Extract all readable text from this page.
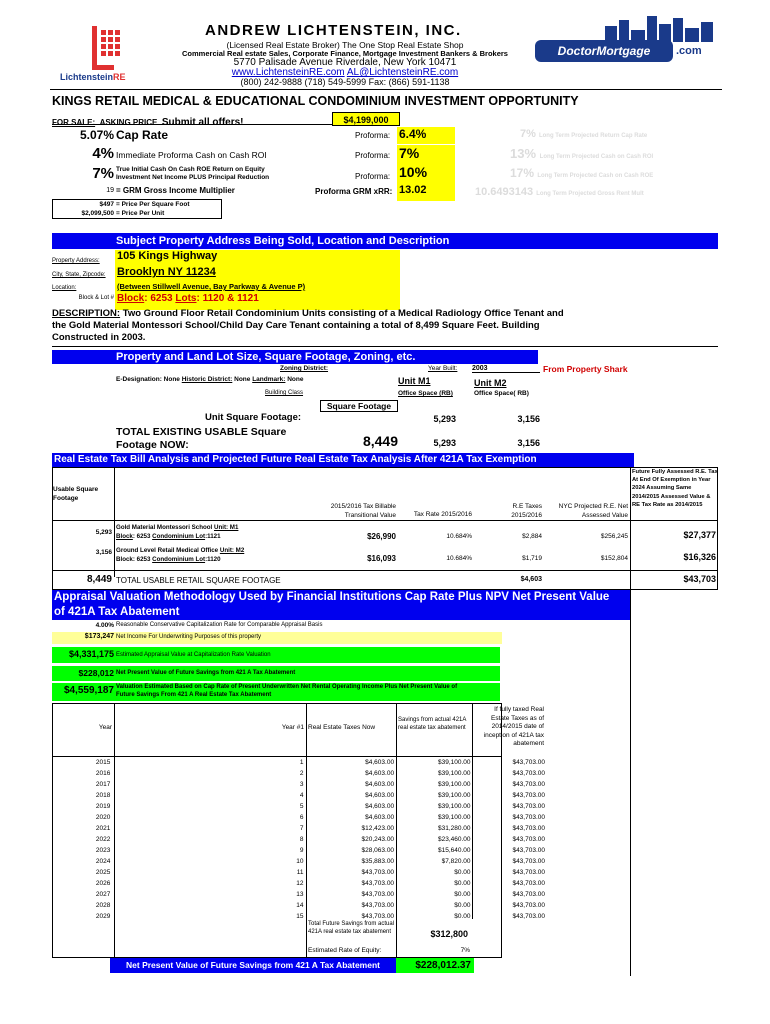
LichtensteinRE
ANDREW LICHTENSTEIN, INC.
(Licensed Real Estate Broker) The One Stop Real Estate Shop
Commercial Real estate Sales, Corporate Finance, Mortgage Investment Bankers & Brokers
5770 Palisade Avenue Riverdale, New York 10471
www.LichtensteinRE.com AL@LichtensteinRE.com
(800) 242-9888 (718) 549-5999 Fax: (866) 591-1138
DoctorMortgage	.com
KINGS RETAIL MEDICAL & EDUCATIONAL CONDOMINIUM INVESTMENT OPPORTUNITY
FOR SALE: ASKING PRICE Submit all offers!	$4,199,000
5.07% Cap Rate	Proforma: 6.4%
4% Immediate Proforma Cash on Cash ROI	Proforma: 7%
7% True Initial Cash On Cash ROE Return on Equity
Investment Net Income PLUS Principal Reduction	Proforma: 10%
19 = GRM Gross Income Multiplier	Proforma GRM xRR: 13.02
$497 = Price Per Square Foot
$2,099,500 = Price Per Unit
7% Long Term Projected Return Cap Rate
13% Long Term Projected Cash on Cash ROI
17% Long Term Projected Cash on Cash ROE
10.6493143 Long Term Projected Gross Rent Mult
Subject Property Address Being Sold, Location and Description
Property Address: 105 Kings Highway
City, State, Zipcode: Brooklyn NY 11234
Location:	(Between Stillwell Avenue, Bay Parkway & Avenue P)
Block & Lot # Block: 6253 Lots: 1120 & 1121
DESCRIPTION: Two Ground Floor Retail Condominium Units consisting of a Medical Radiology Office Tenant and
the Gold Material Montessori School/Child Day Care Tenant containing a total of 8,499 Square Feet. Building
Constructed in 2003.
Property and Land Lot Size, Square Footage, Zoning, etc.
Zoning District:
E-Designation: None Historic District: None Landmark: None
Building Class
Year Built: 2003	From Property Shark
Unit M1	Unit M2
Office Space (RB)	Office Space( RB)
Square Footage
Unit Square Footage:	5,293	3,156
TOTAL EXISTING USABLE Square
Footage NOW:	8,449	5,293	3,156
Real Estate Tax Bill Analysis and Projected Future Real Estate Tax Analysis After 421A Tax Exemption
Usable Square
Footage
2015/2016 Tax Billable
Transitional Value	Tax Rate 2015/2016
R.E Taxes
2015/2016
NYC Projected R.E. Net
Assessed Value
Future Fully Assessed R.E. Tax At End Of Exemption in Year 2024 Assuming Same 2014/2015 Assessed Value & RE Tax Rate as 2014/2015
5,293
Gold Material Montessori School Unit: M1
Block: 6253 Condominium Lot:1121	$26,990	10.684%	$2,884	$256,245	$27,377
3,156 Ground Level Retail Medical Office Unit: M2
Block: 6253 Condominium Lot:1120	$16,093	10.684%	$1,719	$152,804	$16,326
8,449 TOTAL USABLE RETAIL SQUARE FOOTAGE	$4,603	$43,703
Appraisal Valuation Methodology Used by Financial Institutions Cap Rate Plus NPV Net Present Value
of 421A Tax Abatement
4.00% Reasonable Conservative Capitalization Rate for Comparable Appraisal Basis
$173,247 Net Income For Underwriting Purposes of this property
$4,331,175 Estimated Appraisal Value at Capitalization Rate Valuation
$228,012 Net Present Value of Future Savings from 421 A Tax Abatement
$4,559,187 Valuation Estimated Based on Cap Rate of Present Underwritten Net Rental Operating Income Plus Net Present Value of
Future Savings From 421 A Real Estate Tax Abatement
Year	Year #1 Real Estate Taxes Now
Savings from actual 421A real estate tax abatement
If fully taxed Real Estate Taxes as of 2014/2015 date of inception of 421A tax abatement
2015	1	$4,603.00	$39,100.00	$43,703.00
2016	2	$4,603.00	$39,100.00	$43,703.00
2017	3	$4,603.00	$39,100.00	$43,703.00
2018	4	$4,603.00	$39,100.00	$43,703.00
2019	5	$4,603.00	$39,100.00	$43,703.00
2020	6	$4,603.00	$39,100.00	$43,703.00
2021	7	$12,423.00	$31,280.00	$43,703.00
2022	8	$20,243.00	$23,460.00	$43,703.00
2023	9	$28,063.00	$15,640.00	$43,703.00
2024	10	$35,883.00	$7,820.00	$43,703.00
2025	11	$43,703.00	$0.00	$43,703.00
2026	12	$43,703.00	$0.00	$43,703.00
2027	13	$43,703.00	$0.00	$43,703.00
2028	14	$43,703.00	$0.00	$43,703.00
2029	15	$43,703.00	$0.00	$43,703.00
Total Future Savings from actual 421A real estate tax abatement	$312,800
Estimated Rate of Equity:	7%
Net Present Value of Future Savings from 421 A Tax Abatement	$228,012.37
